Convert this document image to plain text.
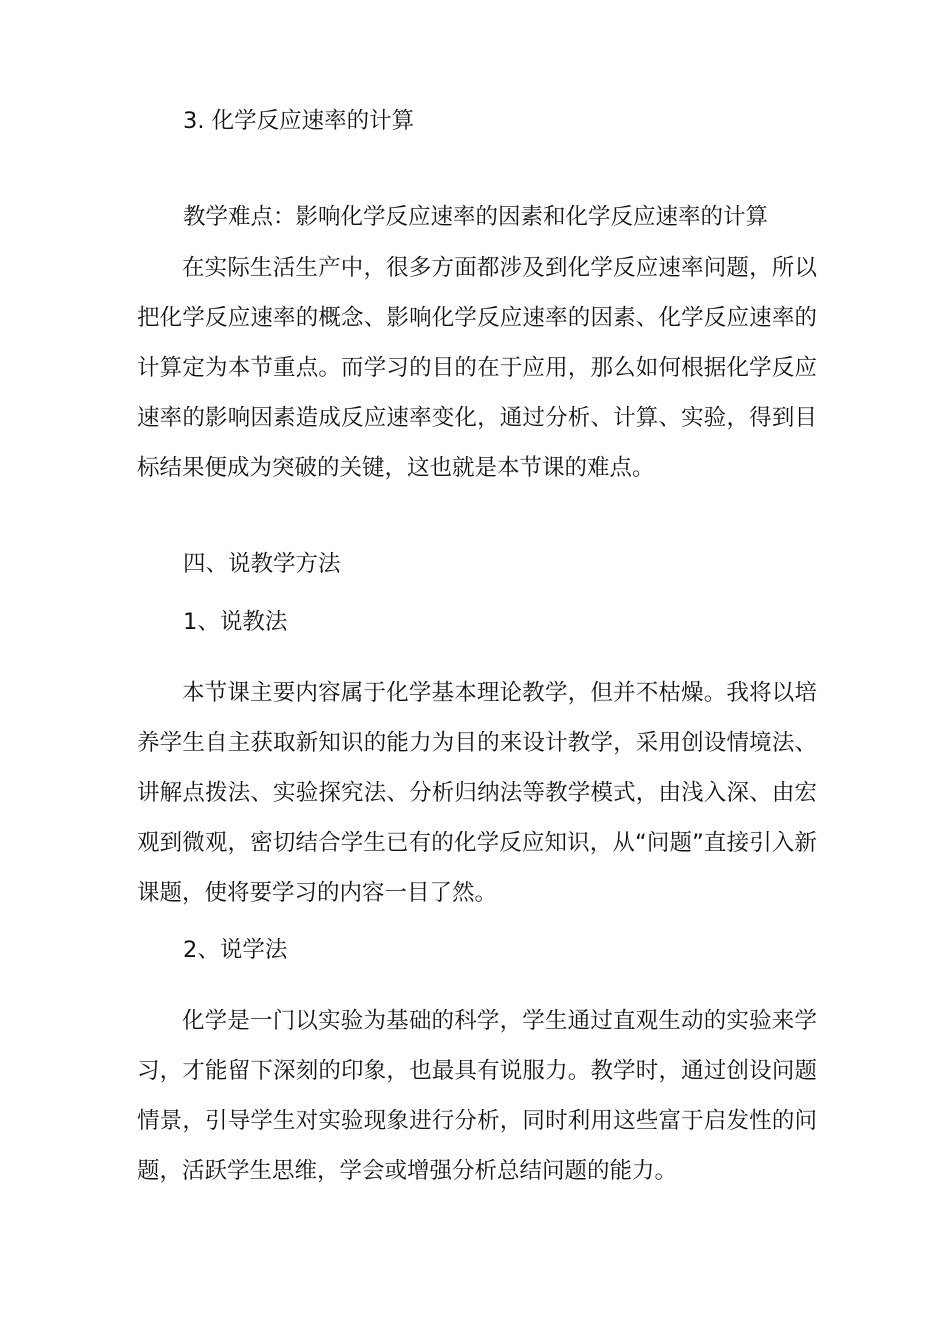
3. 化学反应速率的计算
教学难点：影响化学反应速率的因素和化学反应速率的计算

在实际生活生产中，很多方面都涉及到化学反应速率问题，所以把化学反应速率的概念、影响化学反应速率的因素、化学反应速率的计算定为本节重点。而学习的目的在于应用，那么如何根据化学反应速率的影响因素造成反应速率变化，通过分析、计算、实验，得到目标结果便成为突破的关键，这也就是本节课的难点。

四、说教学方法
1、说教法

本节课主要内容属于化学基本理论教学，但并不枯燥。我将以培养学生自主获取新知识的能力为目的来设计教学，采用创设情境法、讲解点拨法、实验探究法、分析归纳法等教学模式，由浅入深、由宏观到微观，密切结合学生已有的化学反应知识，从“问题”直接引入新课题，使将要学习的内容一目了然。

2、说学法

化学是一门以实验为基础的科学，学生通过直观生动的实验来学习，才能留下深刻的印象，也最具有说服力。教学时，通过创设问题情景，引导学生对实验现象进行分析，同时利用这些富于启发性的问题，活跃学生思维，学会或增强分析总结问题的能力。
